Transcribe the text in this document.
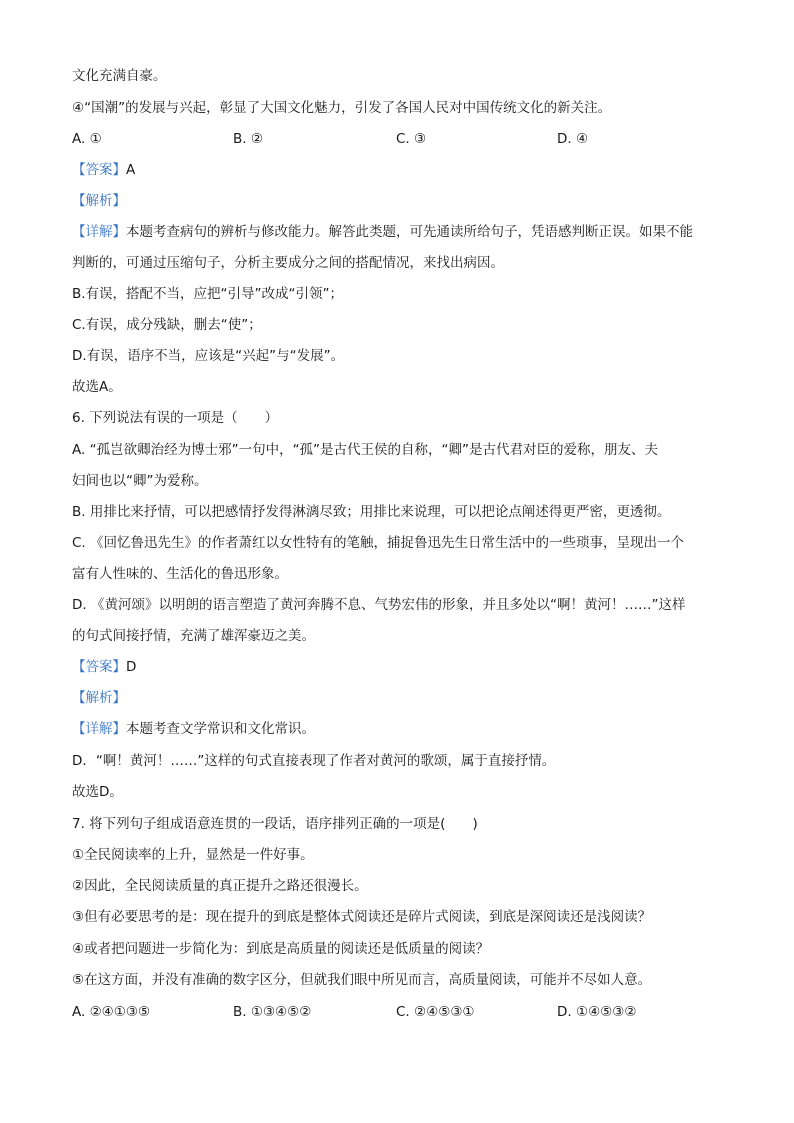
文化充满自豪。
④“国潮”的发展与兴起，彰显了大国文化魅力，引发了各国人民对中国传统文化的新关注。
A. ①	B. ②	C. ③	D. ④
【答案】A
【解析】
【详解】本题考查病句的辨析与修改能力。解答此类题，可先通读所给句子，凭语感判断正误。如果不能
判断的，可通过压缩句子，分析主要成分之间的搭配情况，来找出病因。
B.有误，搭配不当，应把“引导”改成“引领”；
C.有误，成分残缺，删去“使”；
D.有误，语序不当，应该是“兴起”与“发展”。
故选A。
6. 下列说法有误的一项是（　　）
A. “孤岂欲卿治经为博士邪”一句中，“孤”是古代王侯的自称，“卿”是古代君对臣的爱称，朋友、夫
妇间也以“卿”为爱称。
B. 用排比来抒情，可以把感情抒发得淋漓尽致；用排比来说理，可以把论点阐述得更严密，更透彻。
C. 《回忆鲁迅先生》的作者萧红以女性特有的笔触，捕捉鲁迅先生日常生活中的一些琐事，呈现出一个
富有人性味的、生活化的鲁迅形象。
D. 《黄河颂》以明朗的语言塑造了黄河奔腾不息、气势宏伟的形象，并且多处以“啊！黄河！……”这样
的句式间接抒情，充满了雄浑豪迈之美。
【答案】D
【解析】
【详解】本题考查文学常识和文化常识。
D．“啊！黄河！……”这样的句式直接表现了作者对黄河的歌颂，属于直接抒情。
故选D。
7. 将下列句子组成语意连贯的一段话，语序排列正确的一项是(　　)
①全民阅读率的上升，显然是一件好事。
②因此，全民阅读质量的真正提升之路还很漫长。
③但有必要思考的是：现在提升的到底是整体式阅读还是碎片式阅读，到底是深阅读还是浅阅读？
④或者把问题进一步简化为：到底是高质量的阅读还是低质量的阅读？
⑤在这方面，并没有准确的数字区分，但就我们眼中所见而言，高质量阅读，可能并不尽如人意。
A. ②④①③⑤	B. ①③④⑤②	C. ②④⑤③①	D. ①④⑤③②
